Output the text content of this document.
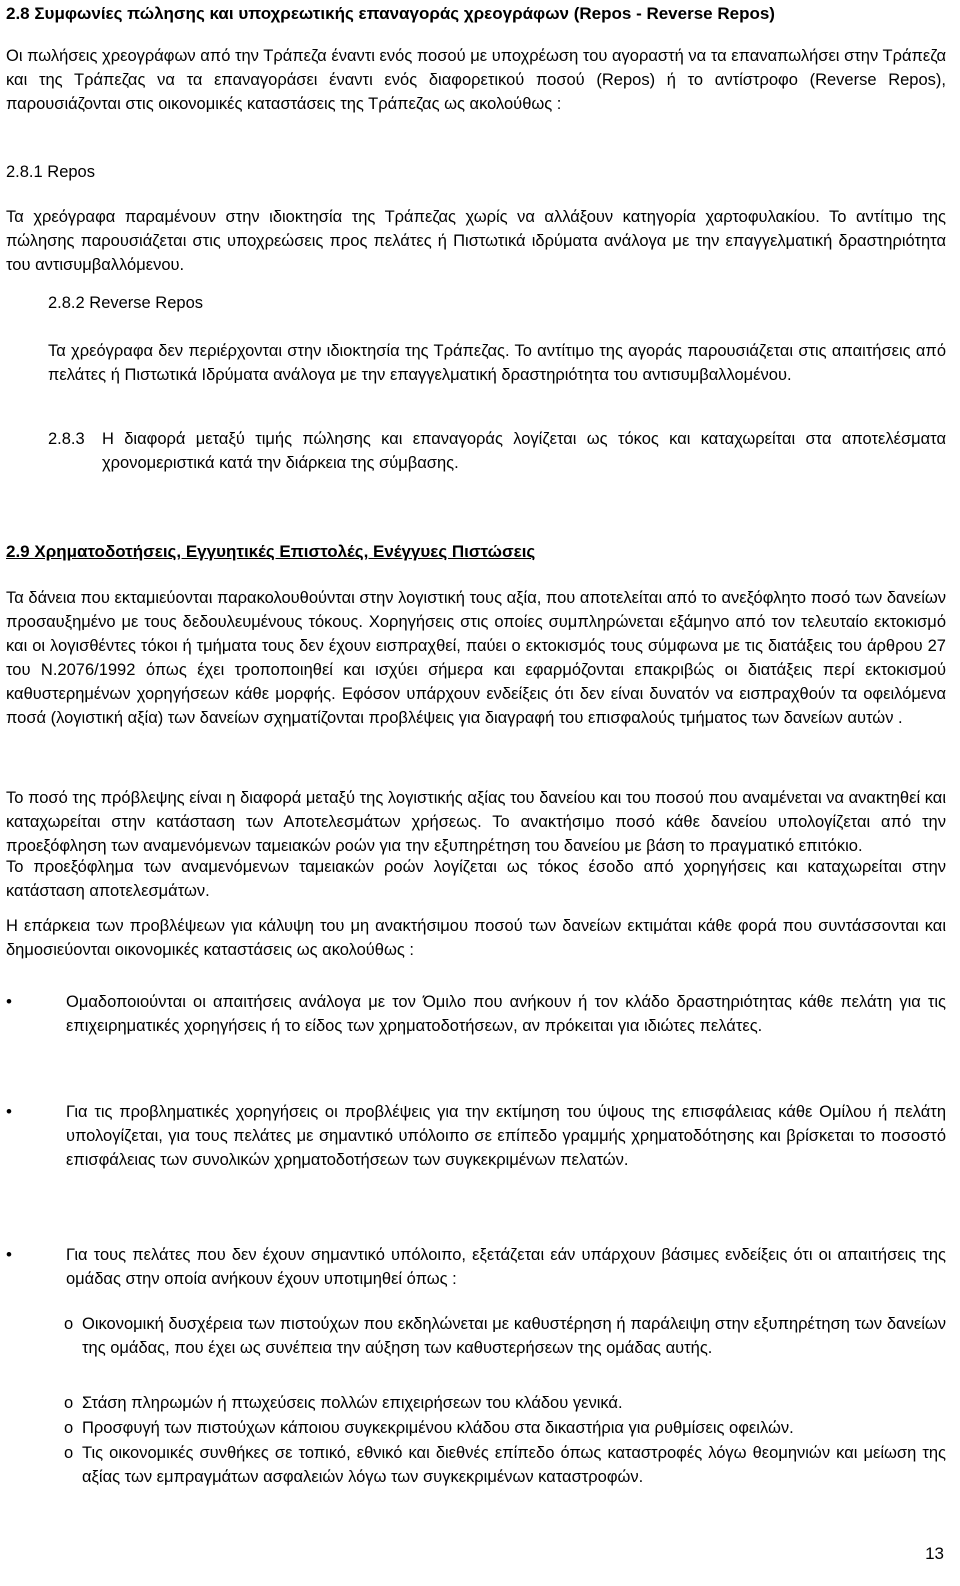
2.8 Συμφωνίες πώλησης και υποχρεωτικής επαναγοράς χρεογράφων (Repos - Reverse Repos)
Οι πωλήσεις χρεογράφων από την Τράπεζα έναντι ενός ποσού με υποχρέωση του αγοραστή να τα επαναπωλήσει στην Τράπεζα και της Τράπεζας να τα επαναγοράσει έναντι ενός διαφορετικού ποσού (Repos) ή το αντίστροφο (Reverse Repos), παρουσιάζονται στις οικονομικές καταστάσεις της Τράπεζας ως ακολούθως :
2.8.1 Repos
Τα χρεόγραφα παραμένουν στην ιδιοκτησία της Τράπεζας χωρίς να αλλάξουν κατηγορία χαρτοφυλακίου. Το αντίτιμο της πώλησης παρουσιάζεται στις υποχρεώσεις προς πελάτες ή Πιστωτικά ιδρύματα ανάλογα με την επαγγελματική δραστηριότητα του αντισυμβαλλόμενου.
2.8.2 Reverse Repos
Τα χρεόγραφα δεν περιέρχονται στην ιδιοκτησία της Τράπεζας. Το αντίτιμο της αγοράς παρουσιάζεται στις απαιτήσεις από πελάτες ή Πιστωτικά Ιδρύματα ανάλογα με την επαγγελματική δραστηριότητα του αντισυμβαλλομένου.
2.8.3 Η διαφορά μεταξύ τιμής πώλησης και επαναγοράς λογίζεται ως τόκος και καταχωρείται στα αποτελέσματα χρονομεριστικά κατά την διάρκεια της σύμβασης.
2.9 Χρηματοδοτήσεις, Εγγυητικές Επιστολές, Ενέγγυες Πιστώσεις
Τα δάνεια που εκταμιεύονται παρακολουθούνται στην λογιστική τους αξία, που αποτελείται από το ανεξόφλητο ποσό των δανείων προσαυξημένο με τους δεδουλευμένους τόκους. Χορηγήσεις στις οποίες συμπληρώνεται εξάμηνο από τον τελευταίο εκτοκισμό και οι λογισθέντες τόκοι ή τμήματα τους δεν έχουν εισπραχθεί, παύει ο εκτοκισμός τους σύμφωνα με τις διατάξεις του άρθρου 27 του Ν.2076/1992 όπως έχει τροποποιηθεί και ισχύει σήμερα και εφαρμόζονται επακριβώς οι διατάξεις περί εκτοκισμού καθυστερημένων χορηγήσεων κάθε μορφής. Εφόσον υπάρχουν ενδείξεις ότι δεν είναι δυνατόν να εισπραχθούν τα οφειλόμενα ποσά (λογιστική αξία) των δανείων σχηματίζονται προβλέψεις για διαγραφή του επισφαλούς τμήματος των δανείων αυτών .
Το ποσό της πρόβλεψης είναι η διαφορά μεταξύ της λογιστικής αξίας του δανείου και του ποσού που αναμένεται να ανακτηθεί και καταχωρείται στην κατάσταση των Αποτελεσμάτων χρήσεως. Το ανακτήσιμο ποσό κάθε δανείου υπολογίζεται από την προεξόφληση των αναμενόμενων ταμειακών ροών για την εξυπηρέτηση του δανείου με βάση το πραγματικό επιτόκιο.
Το προεξόφλημα των αναμενόμενων ταμειακών ροών λογίζεται ως τόκος έσοδο από χορηγήσεις και καταχωρείται στην κατάσταση αποτελεσμάτων.
Η επάρκεια των προβλέψεων για κάλυψη του μη ανακτήσιμου ποσού των δανείων εκτιμάται κάθε φορά που συντάσσονται και δημοσιεύονται οικονομικές καταστάσεις ως ακολούθως :
•	Ομαδοποιούνται οι απαιτήσεις ανάλογα με τον Όμιλο που ανήκουν ή τον κλάδο δραστηριότητας κάθε πελάτη για τις επιχειρηματικές χορηγήσεις ή το είδος των χρηματοδοτήσεων, αν πρόκειται για ιδιώτες πελάτες.
•	Για τις προβληματικές χορηγήσεις οι προβλέψεις για την εκτίμηση του ύψους της επισφάλειας κάθε Ομίλου ή πελάτη υπολογίζεται, για τους πελάτες με σημαντικό υπόλοιπο σε επίπεδο γραμμής χρηματοδότησης και βρίσκεται το ποσοστό επισφάλειας των συνολικών χρηματοδοτήσεων των συγκεκριμένων πελατών.
•	Για τους πελάτες που δεν έχουν σημαντικό υπόλοιπο, εξετάζεται εάν υπάρχουν βάσιμες ενδείξεις ότι οι απαιτήσεις της ομάδας στην οποία ανήκουν έχουν υποτιμηθεί όπως :
o Οικονομική δυσχέρεια των πιστούχων που εκδηλώνεται με καθυστέρηση ή παράλειψη στην εξυπηρέτηση των δανείων της ομάδας, που έχει ως συνέπεια την αύξηση των καθυστερήσεων της ομάδας αυτής.
o Στάση πληρωμών ή πτωχεύσεις πολλών επιχειρήσεων του κλάδου γενικά.
o Προσφυγή των πιστούχων κάποιου συγκεκριμένου κλάδου στα δικαστήρια για ρυθμίσεις οφειλών.
o Τις οικονομικές συνθήκες σε τοπικό, εθνικό και διεθνές επίπεδο όπως καταστροφές λόγω θεομηνιών και μείωση της αξίας των εμπραγμάτων ασφαλειών λόγω των συγκεκριμένων καταστροφών.
13
